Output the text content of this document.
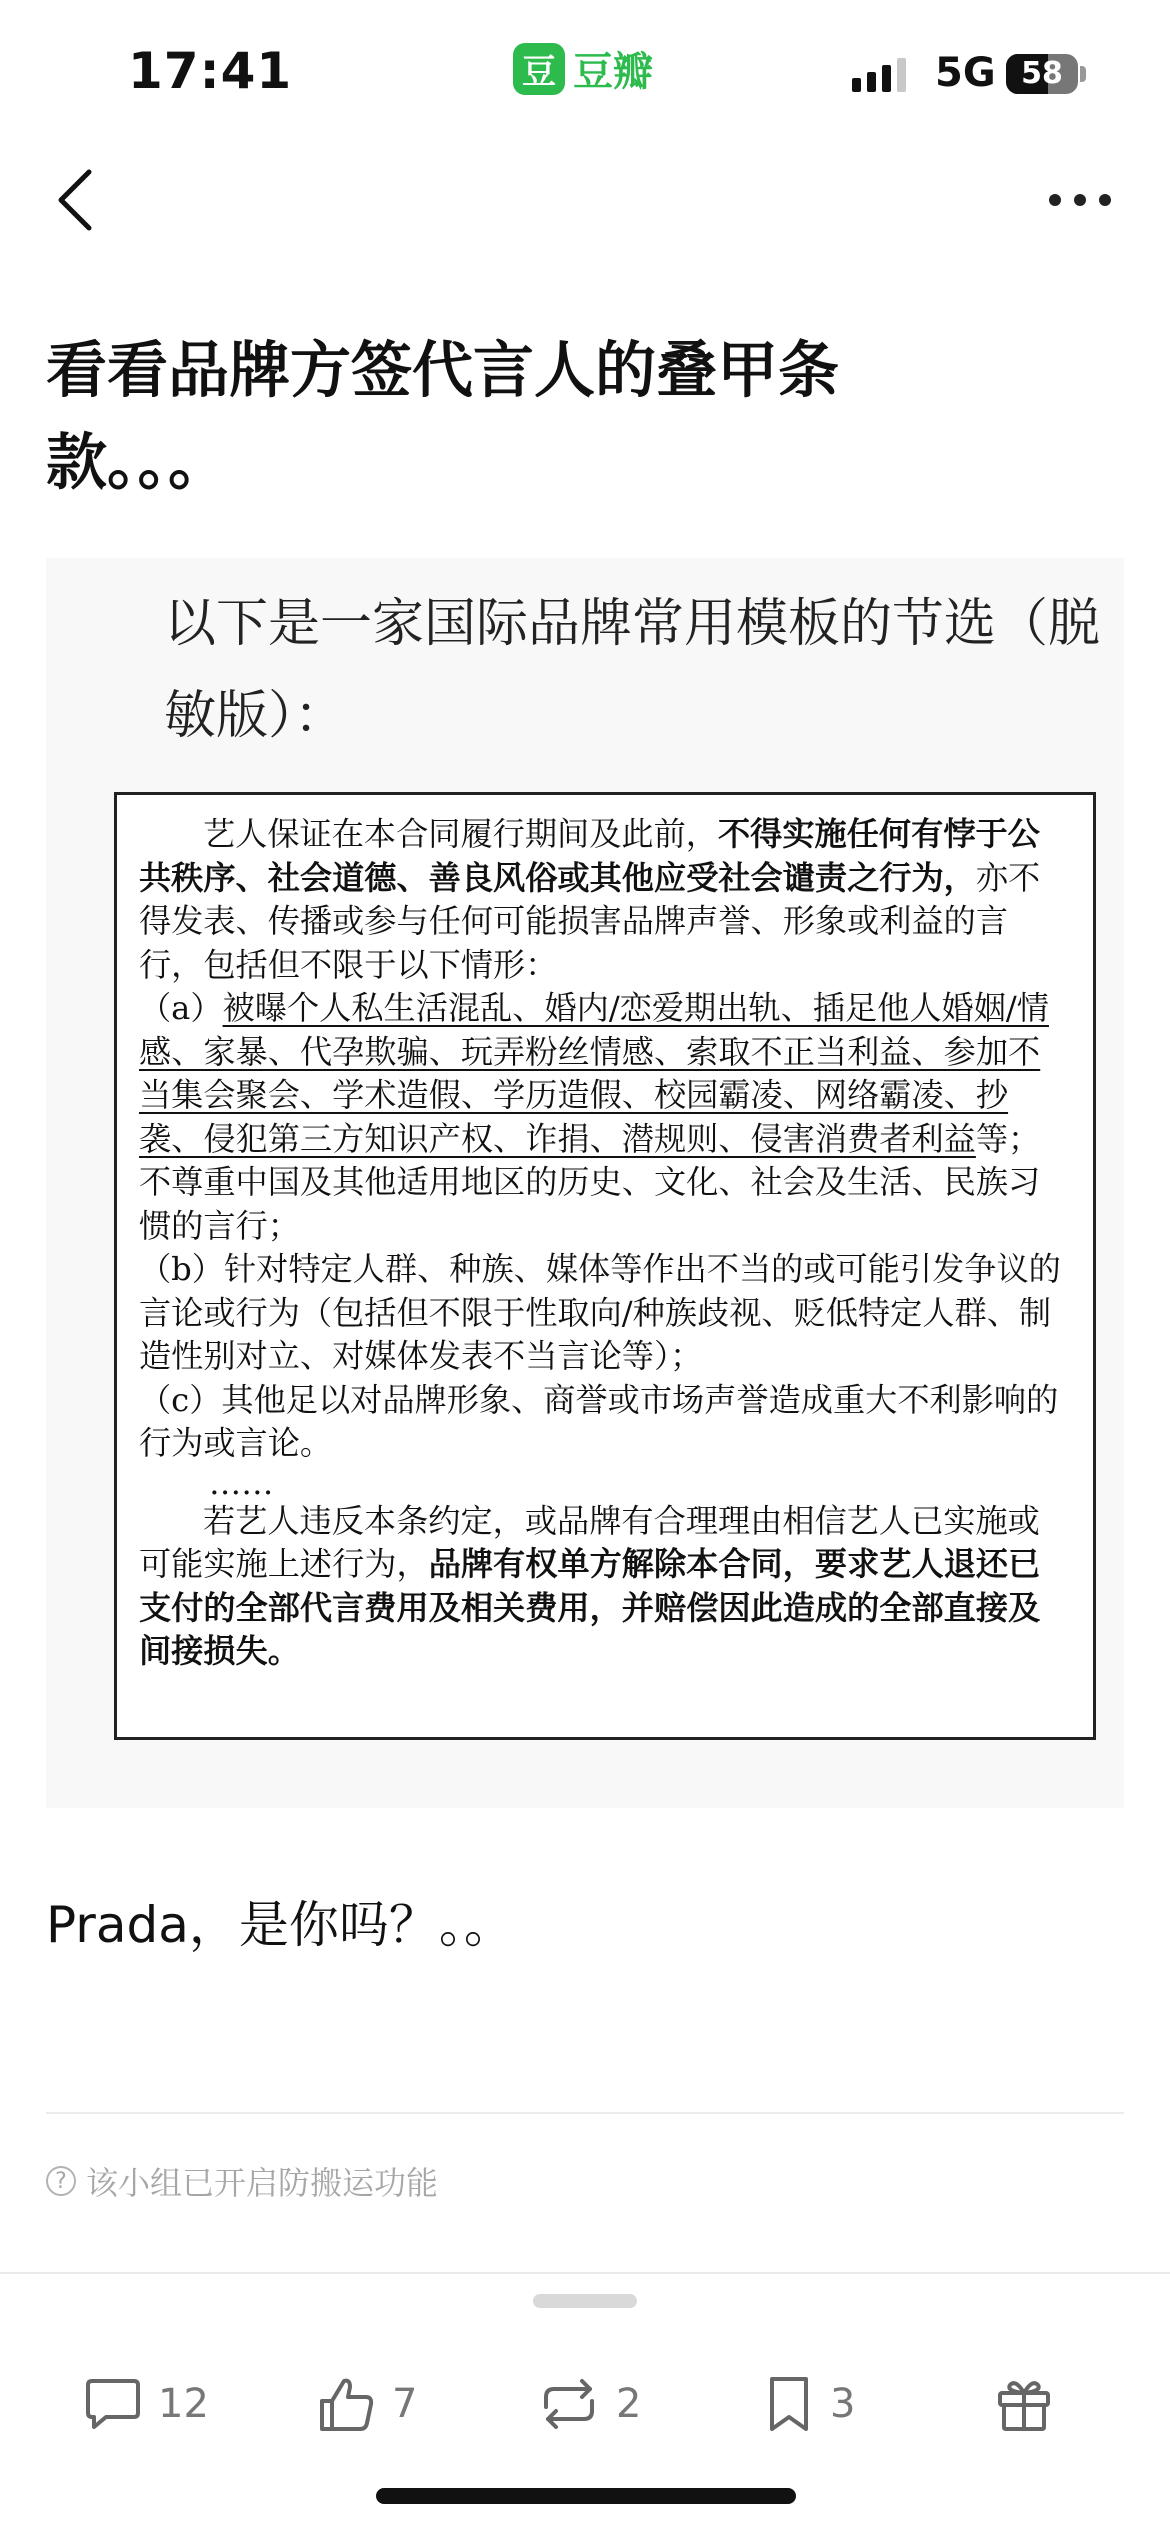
17:41	豆 豆瓣	5G 58
看看品牌方签代言人的叠甲条款。。。
以下是一家国际品牌常用模板的节选（脱敏版）：

艺人保证在本合同履行期间及此前，不得实施任何有悖于公共秩序、社会道德、善良风俗或其他应受社会谴责之行为，亦不得发表、传播或参与任何可能损害品牌声誉、形象或利益的言行，包括但不限于以下情形：

（a）被曝个人私生活混乱、婚内/恋爱期出轨、插足他人婚姻/情感、家暴、代孕欺骗、玩弄粉丝情感、索取不正当利益、参加不当集会聚会、学术造假、学历造假、校园霸凌、网络霸凌、抄袭、侵犯第三方知识产权、诈捐、潜规则、侵害消费者利益等；不尊重中国及其他适用地区的历史、文化、社会及生活、民族习惯的言行；

（b）针对特定人群、种族、媒体等作出不当的或可能引发争议的言论或行为（包括但不限于性取向/种族歧视、贬低特定人群、制造性别对立、对媒体发表不当言论等）；

（c）其他足以对品牌形象、商誉或市场声誉造成重大不利影响的行为或言论。

……

若艺人违反本条约定，或品牌有合理理由相信艺人已实施或可能实施上述行为，品牌有权单方解除本合同，要求艺人退还已支付的全部代言费用及相关费用，并赔偿因此造成的全部直接及间接损失。

Prada，是你吗？。。

? 该小组已开启防搬运功能
12	7	2	3
